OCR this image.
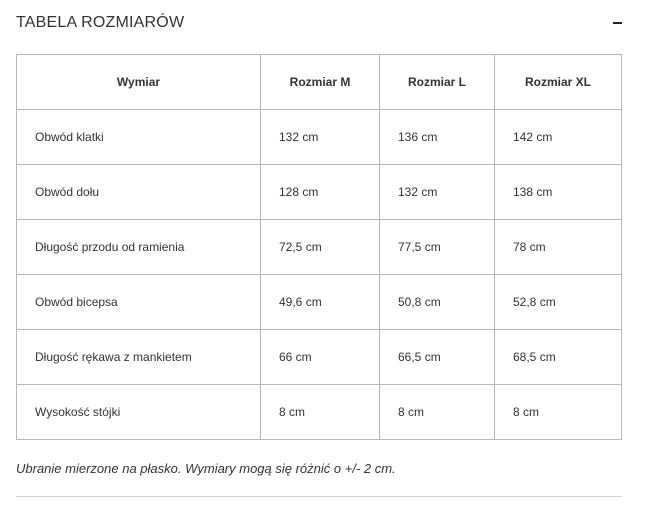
TABELA ROZMIARÓW
Wymiar	Rozmiar M	Rozmiar L	Rozmiar XL
Obwód klatki	132 cm	136 cm	142 cm
Obwód dołu	128 cm	132 cm	138 cm
Długość przodu od ramienia	72,5 cm	77,5 cm	78 cm
Obwód bicepsa	49,6 cm	50,8 cm	52,8 cm
Długość rękawa z mankietem	66 cm	66,5 cm	68,5 cm
Wysokość stójki	8 cm	8 cm	8 cm
Ubranie mierzone na płasko. Wymiary mogą się różnić o +/- 2 cm.
